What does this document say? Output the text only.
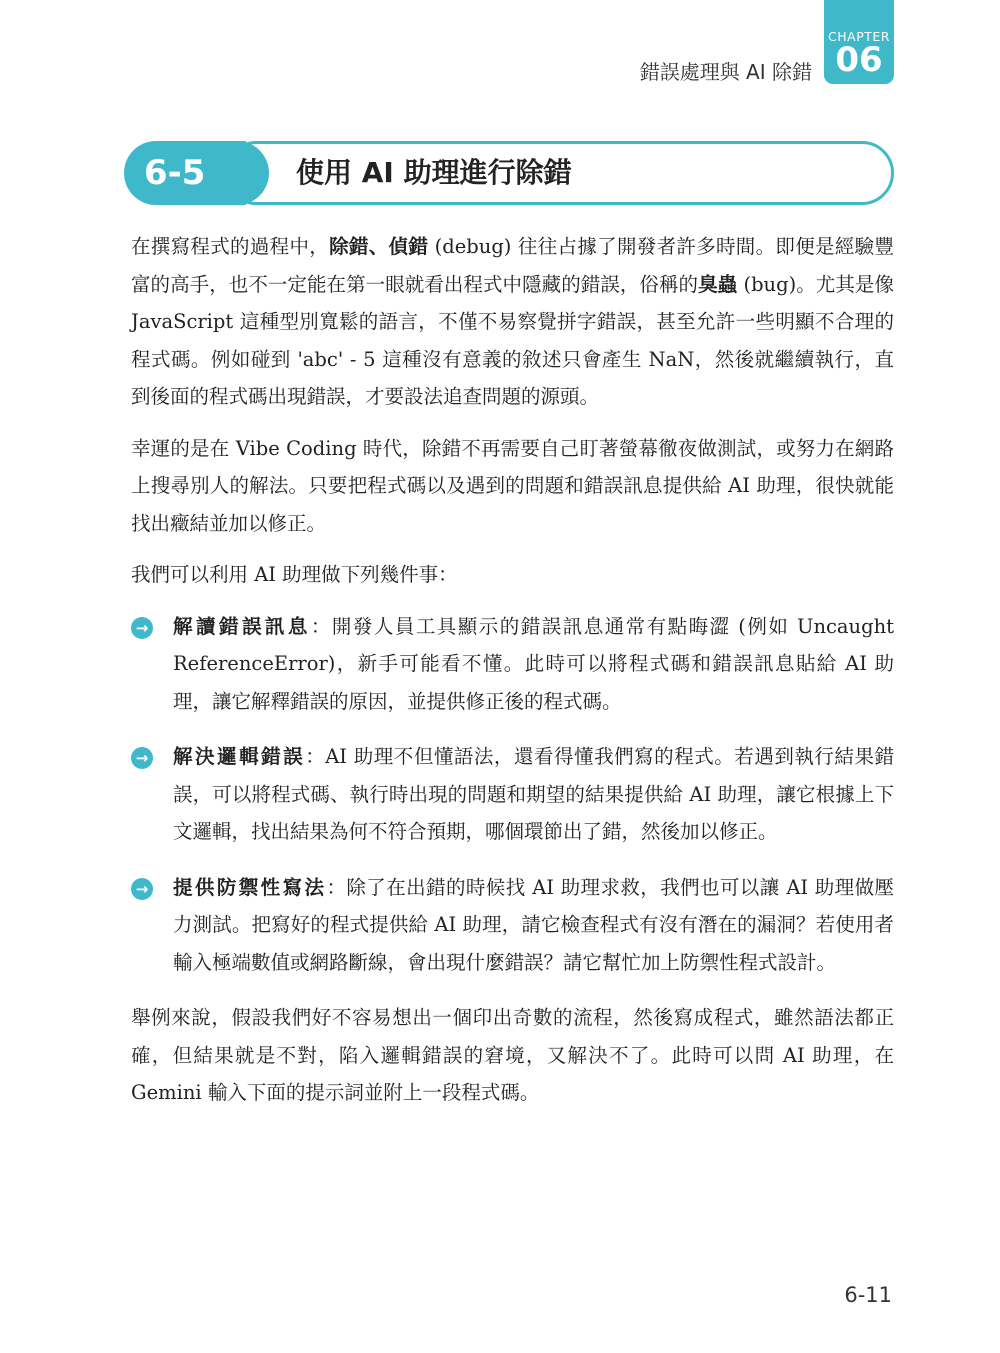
錯誤處理與 AI 除錯
CHAPTER
06
6-5	使用 AI 助理進行除錯

在撰寫程式的過程中，除錯、偵錯 (debug) 往往占據了開發者許多時間。即便是經驗豐富的高手，也不一定能在第一眼就看出程式中隱藏的錯誤，俗稱的臭蟲 (bug)。尤其是像 JavaScript 這種型別寬鬆的語言，不僅不易察覺拼字錯誤，甚至允許一些明顯不合理的程式碼。例如碰到 'abc' - 5 這種沒有意義的敘述只會產生 NaN，然後就繼續執行，直到後面的程式碼出現錯誤，才要設法追查問題的源頭。

幸運的是在 Vibe Coding 時代，除錯不再需要自己盯著螢幕徹夜做測試，或努力在網路上搜尋別人的解法。只要把程式碼以及遇到的問題和錯誤訊息提供給 AI 助理，很快就能找出癥結並加以修正。

我們可以利用 AI 助理做下列幾件事：

→ 解讀錯誤訊息：開發人員工具顯示的錯誤訊息通常有點晦澀 (例如 Uncaught ReferenceError)，新手可能看不懂。此時可以將程式碼和錯誤訊息貼給 AI 助理，讓它解釋錯誤的原因，並提供修正後的程式碼。
→ 解決邏輯錯誤：AI 助理不但懂語法，還看得懂我們寫的程式。若遇到執行結果錯誤，可以將程式碼、執行時出現的問題和期望的結果提供給 AI 助理，讓它根據上下文邏輯，找出結果為何不符合預期，哪個環節出了錯，然後加以修正。
→ 提供防禦性寫法：除了在出錯的時候找 AI 助理求救，我們也可以讓 AI 助理做壓力測試。把寫好的程式提供給 AI 助理，請它檢查程式有沒有潛在的漏洞？若使用者輸入極端數值或網路斷線，會出現什麼錯誤？請它幫忙加上防禦性程式設計。

舉例來說，假設我們好不容易想出一個印出奇數的流程，然後寫成程式，雖然語法都正確，但結果就是不對，陷入邏輯錯誤的窘境，又解決不了。此時可以問 AI 助理，在 Gemini 輸入下面的提示詞並附上一段程式碼。

6-11
